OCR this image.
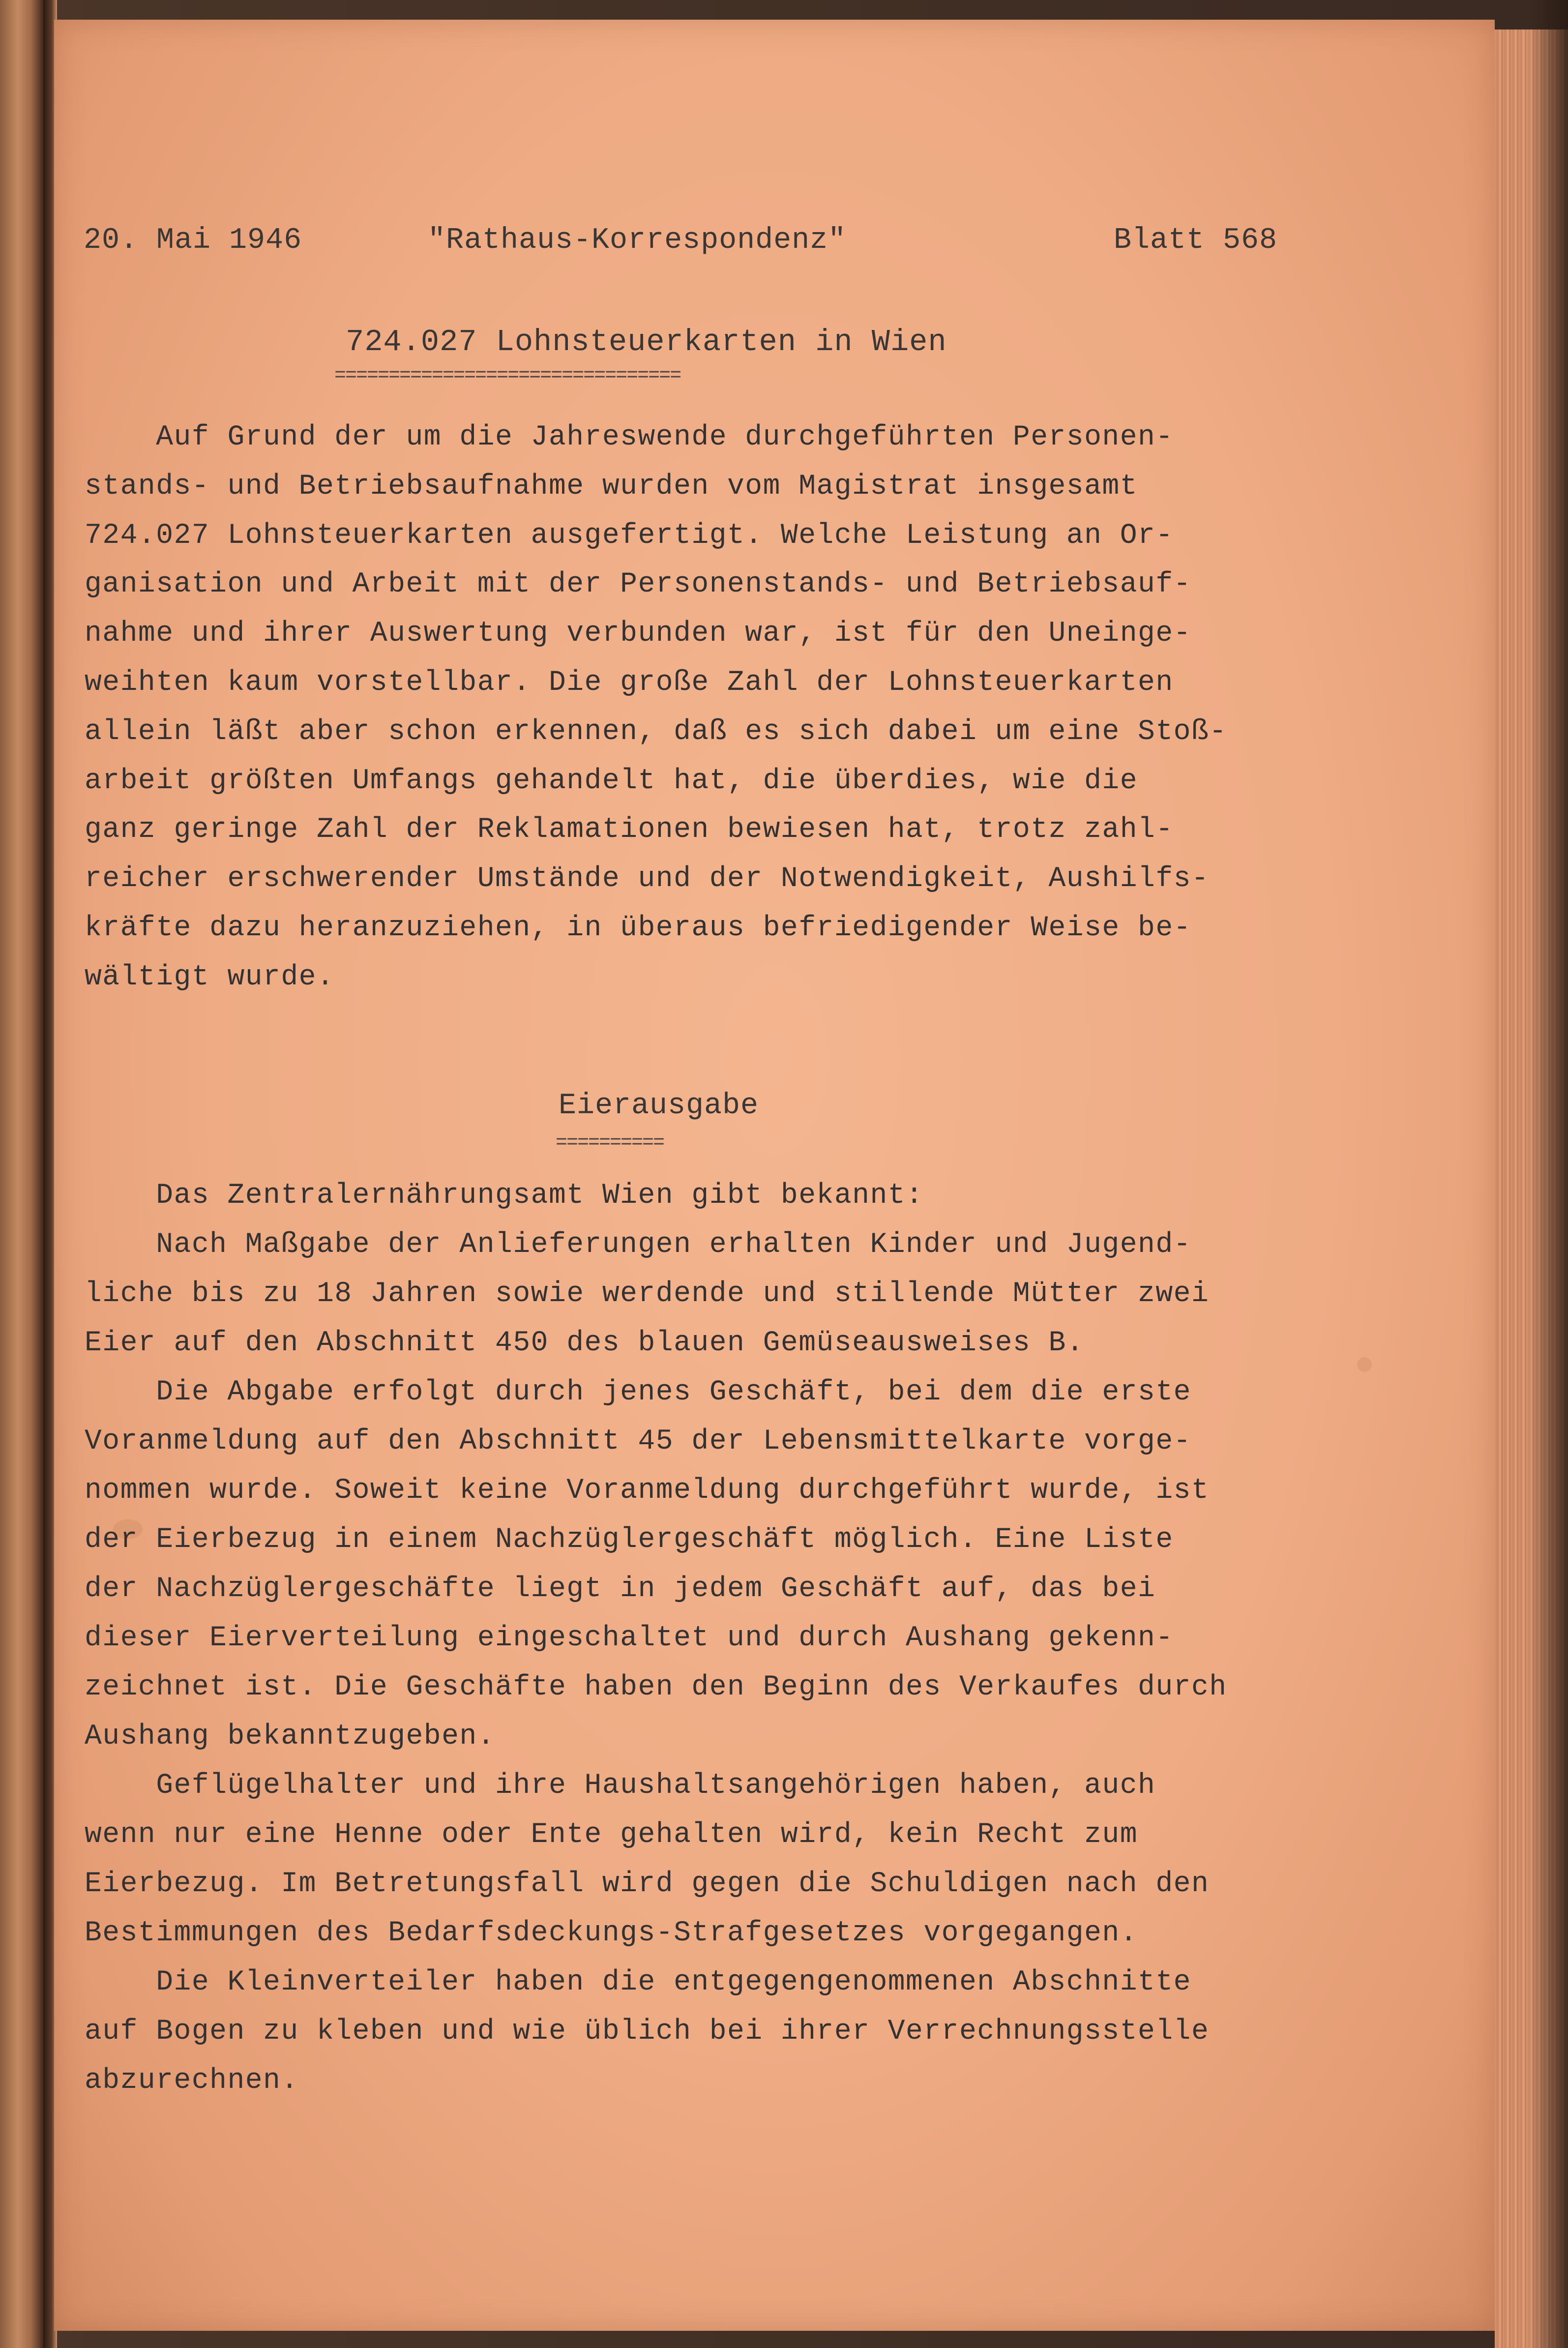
20. Mai 1946	"Rathaus-Korrespondenz"	Blatt 568
724.027 Lohnsteuerkarten in Wien
================================
Auf Grund der um die Jahreswende durchgeführten Personen-
stands- und Betriebsaufnahme wurden vom Magistrat insgesamt
724.027 Lohnsteuerkarten ausgefertigt. Welche Leistung an Or-
ganisation und Arbeit mit der Personenstands- und Betriebsauf-
nahme und ihrer Auswertung verbunden war, ist für den Uneinge-
weihten kaum vorstellbar. Die große Zahl der Lohnsteuerkarten
allein läßt aber schon erkennen, daß es sich dabei um eine Stoß-
arbeit größten Umfangs gehandelt hat, die überdies, wie die
ganz geringe Zahl der Reklamationen bewiesen hat, trotz zahl-
reicher erschwerender Umstände und der Notwendigkeit, Aushilfs-
kräfte dazu heranzuziehen, in überaus befriedigender Weise be-
wältigt wurde.
Eierausgabe
==========
Das Zentralernährungsamt Wien gibt bekannt:
Nach Maßgabe der Anlieferungen erhalten Kinder und Jugend-
liche bis zu 18 Jahren sowie werdende und stillende Mütter zwei
Eier auf den Abschnitt 450 des blauen Gemüseausweises B.
Die Abgabe erfolgt durch jenes Geschäft, bei dem die erste
Voranmeldung auf den Abschnitt 45 der Lebensmittelkarte vorge-
nommen wurde. Soweit keine Voranmeldung durchgeführt wurde, ist
der Eierbezug in einem Nachzüglergeschäft möglich. Eine Liste
der Nachzüglergeschäfte liegt in jedem Geschäft auf, das bei
dieser Eierverteilung eingeschaltet und durch Aushang gekenn-
zeichnet ist. Die Geschäfte haben den Beginn des Verkaufes durch
Aushang bekanntzugeben.
Geflügelhalter und ihre Haushaltsangehörigen haben, auch
wenn nur eine Henne oder Ente gehalten wird, kein Recht zum
Eierbezug. Im Betretungsfall wird gegen die Schuldigen nach den
Bestimmungen des Bedarfsdeckungs-Strafgesetzes vorgegangen.
Die Kleinverteiler haben die entgegengenommenen Abschnitte
auf Bogen zu kleben und wie üblich bei ihrer Verrechnungsstelle
abzurechnen.
